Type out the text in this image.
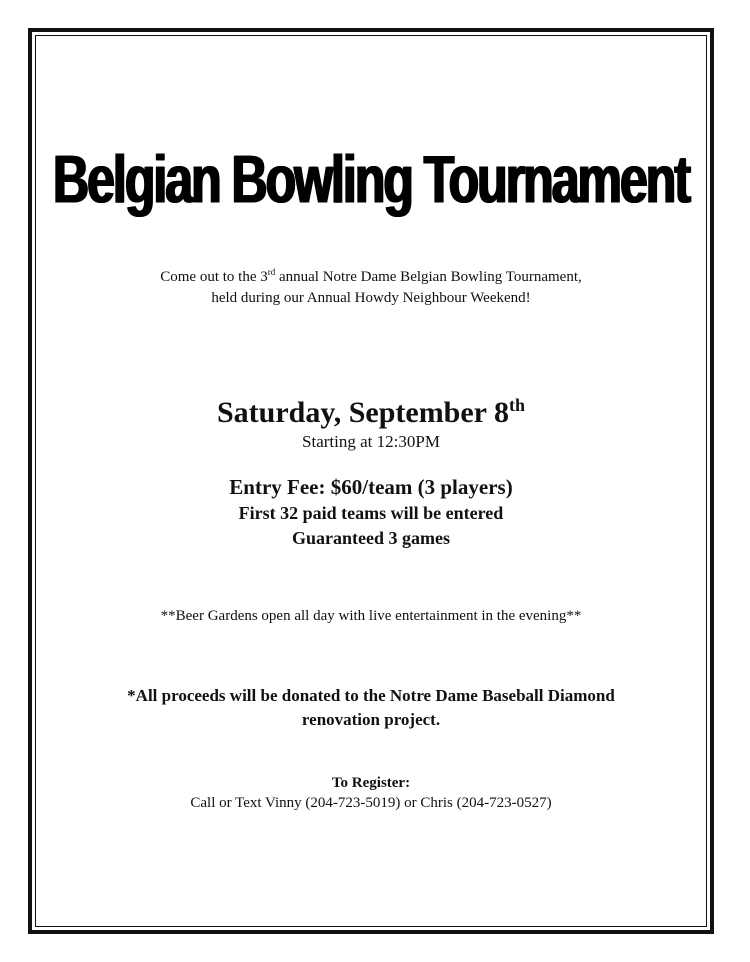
Belgian Bowling Tournament
Come out to the 3rd annual Notre Dame Belgian Bowling Tournament,
held during our Annual Howdy Neighbour Weekend!
Saturday, September 8th
Starting at 12:30PM
Entry Fee: $60/team (3 players)
First 32 paid teams will be entered
Guaranteed 3 games
**Beer Gardens open all day with live entertainment in the evening**
*All proceeds will be donated to the Notre Dame Baseball Diamond renovation project.
To Register:
Call or Text Vinny (204-723-5019) or Chris (204-723-0527)
